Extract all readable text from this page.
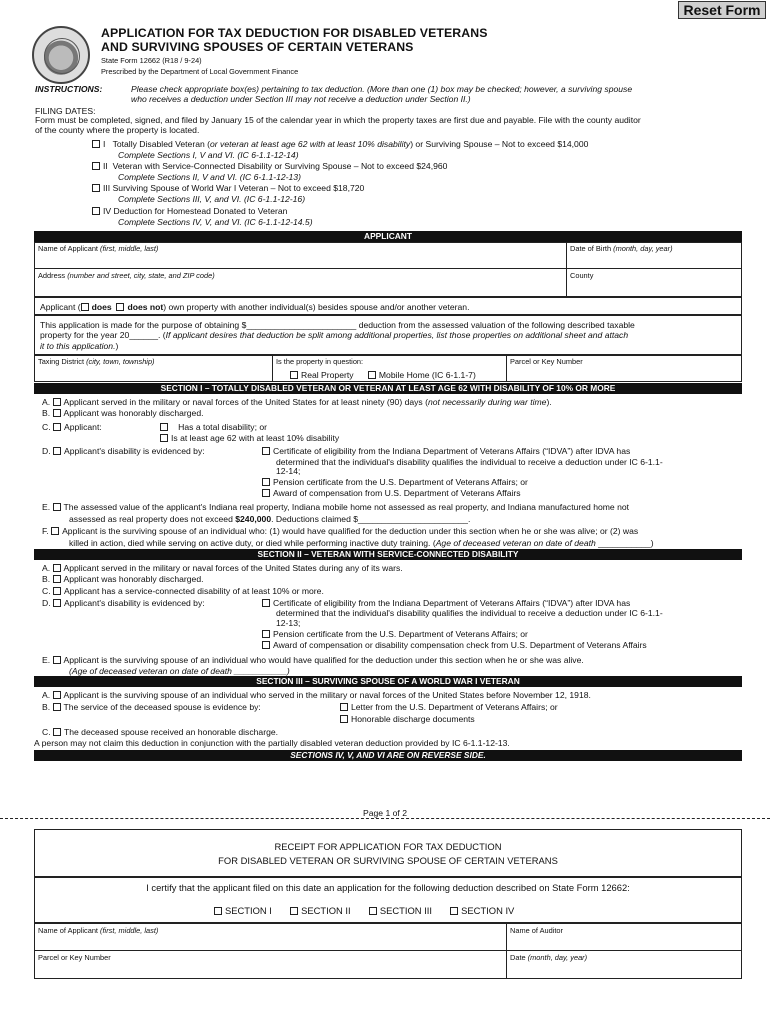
Reset Form
APPLICATION FOR TAX DEDUCTION FOR DISABLED VETERANS
AND SURVIVING SPOUSES OF CERTAIN VETERANS
State Form 12662 (R18 / 9-24)
Prescribed by the Department of Local Government Finance
INSTRUCTIONS:	Please check appropriate box(es) pertaining to tax deduction. (More than one (1) box may be checked; however, a surviving spouse
who receives a deduction under Section III may not receive a deduction under Section II.)
FILING DATES:
Form must be completed, signed, and filed by January 15 of the calendar year in which the property taxes are first due and payable. File with the county auditor
of the county where the property is located.
I Totally Disabled Veteran (or veteran at least age 62 with at least 10% disability) or Surviving Spouse – Not to exceed $14,000
Complete Sections I, V and VI. (IC 6-1.1-12-14)
II Veteran with Service-Connected Disability or Surviving Spouse – Not to exceed $24,960
Complete Sections II, V and VI. (IC 6-1.1-12-13)
III Surviving Spouse of World War I Veteran – Not to exceed $18,720
Complete Sections III, V, and VI. (IC 6-1.1-12-16)
IV Deduction for Homestead Donated to Veteran
Complete Sections IV, V, and VI. (IC 6-1.1-12-14.5)
APPLICANT
Name of Applicant (first, middle, last)	Date of Birth (month, day, year)
Address (number and street, city, state, and ZIP code)	County
Applicant ( does does not) own property with another individual(s) besides spouse and/or another veteran.
This application is made for the purpose of obtaining $_______________________ deduction from the assessed valuation of the following described taxable
property for the year 20______. (If applicant desires that deduction be split among additional properties, list those properties on additional sheet and attach
it to this application.)
Taxing District (city, town, township)	Is the property in question:
Real Property	Mobile Home (IC 6-1.1-7)
Parcel or Key Number
SECTION I – TOTALLY DISABLED VETERAN OR VETERAN AT LEAST AGE 62 WITH DISABILITY OF 10% OR MORE
A. Applicant served in the military or naval forces of the United States for at least ninety (90) days (not necessarily during war time).
B. Applicant was honorably discharged.
C. Applicant:	Has a total disability; or
Is at least age 62 with at least 10% disability
D. Applicant's disability is evidenced by:	Certificate of eligibility from the Indiana Department of Veterans Affairs (“IDVA”) after IDVA has
determined that the individual's disability qualifies the individual to receive a deduction under IC 6-1.1-
12-14;
Pension certificate from the U.S. Department of Veterans Affairs; or
Award of compensation from U.S. Department of Veterans Affairs
E. The assessed value of the applicant's Indiana real property, Indiana mobile home not assessed as real property, and Indiana manufactured home not
assessed as real property does not exceed $240,000. Deductions claimed $_______________________.
F. Applicant is the surviving spouse of an individual who: (1) would have qualified for the deduction under this section when he or she was alive; or (2) was
killed in action, died while serving on active duty, or died while performing inactive duty training. (Age of deceased veteran on date of death ___________)
SECTION II – VETERAN WITH SERVICE-CONNECTED DISABILITY
A. Applicant served in the military or naval forces of the United States during any of its wars.
B. Applicant was honorably discharged.
C. Applicant has a service-connected disability of at least 10% or more.
D. Applicant's disability is evidenced by:	Certificate of eligibility from the Indiana Department of Veterans Affairs (“IDVA”) after IDVA has
determined that the individual's disability qualifies the individual to receive a deduction under IC 6-1.1-
12-13;
Pension certificate from the U.S. Department of Veterans Affairs; or
Award of compensation or disability compensation check from U.S. Department of Veterans Affairs
E. Applicant is the surviving spouse of an individual who would have qualified for the deduction under this section when he or she was alive.
(Age of deceased veteran on date of death ___________)
SECTION III – SURVIVING SPOUSE OF A WORLD WAR I VETERAN
A. Applicant is the surviving spouse of an individual who served in the military or naval forces of the United States before November 12, 1918.
B. The service of the deceased spouse is evidence by:	Letter from the U.S. Department of Veterans Affairs; or
Honorable discharge documents
C. The deceased spouse received an honorable discharge.
A person may not claim this deduction in conjunction with the partially disabled veteran deduction provided by IC 6-1.1-12-13.
SECTIONS IV, V, AND VI ARE ON REVERSE SIDE.
Page 1 of 2
RECEIPT FOR APPLICATION FOR TAX DEDUCTION
FOR DISABLED VETERAN OR SURVIVING SPOUSE OF CERTAIN VETERANS
I certify that the applicant filed on this date an application for the following deduction described on State Form 12662:
SECTION I	SECTION II	SECTION III	SECTION IV
Name of Applicant (first, middle, last)	Name of Auditor
Parcel or Key Number	Date (month, day, year)
